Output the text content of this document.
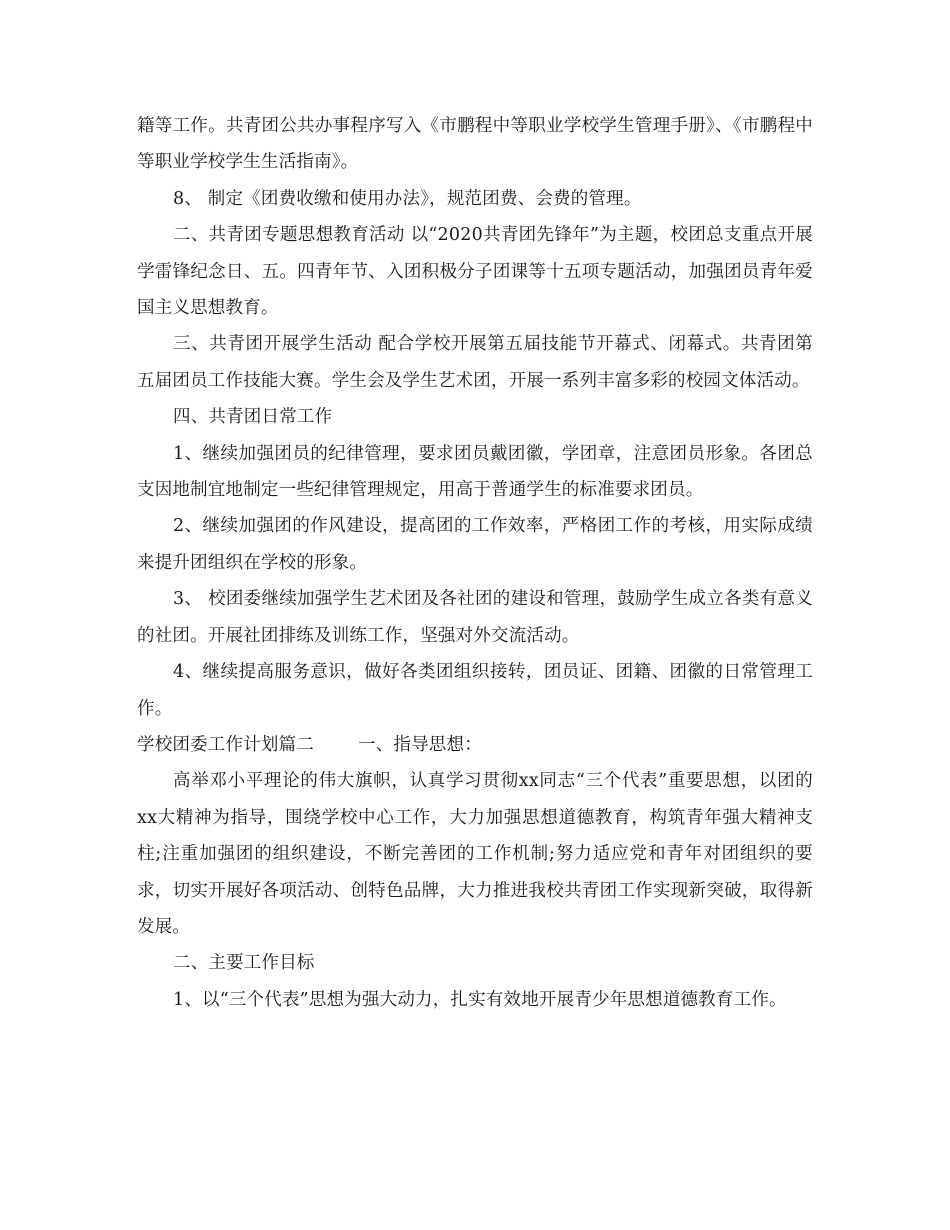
籍等工作。共青团公共办事程序写入《市鹏程中等职业学校学生管理手册》、《市鹏程中等职业学校学生生活指南》。

8、 制定《团费收缴和使用办法》，规范团费、会费的管理。

二、共青团专题思想教育活动 以“2020共青团先锋年”为主题，校团总支重点开展学雷锋纪念日、五。四青年节、入团积极分子团课等十五项专题活动，加强团员青年爱国主义思想教育。

三、共青团开展学生活动 配合学校开展第五届技能节开幕式、闭幕式。共青团第五届团员工作技能大赛。学生会及学生艺术团，开展一系列丰富多彩的校园文体活动。

四、共青团日常工作

1、继续加强团员的纪律管理，要求团员戴团徽，学团章，注意团员形象。各团总支因地制宜地制定一些纪律管理规定，用高于普通学生的标准要求团员。

2、继续加强团的作风建设，提高团的工作效率，严格团工作的考核，用实际成绩来提升团组织在学校的形象。

3、 校团委继续加强学生艺术团及各社团的建设和管理，鼓励学生成立各类有意义的社团。开展社团排练及训练工作，坚强对外交流活动。

4、继续提高服务意识，做好各类团组织接转，团员证、团籍、团徽的日常管理工作。

学校团委工作计划篇二	一、指导思想：

高举邓小平理论的伟大旗帜，认真学习贯彻xx同志“三个代表”重要思想，以团的xx大精神为指导，围绕学校中心工作，大力加强思想道德教育，构筑青年强大精神支柱;注重加强团的组织建设，不断完善团的工作机制;努力适应党和青年对团组织的要求，切实开展好各项活动、创特色品牌，大力推进我校共青团工作实现新突破，取得新发展。

二、主要工作目标

1、以“三个代表”思想为强大动力，扎实有效地开展青少年思想道德教育工作。
